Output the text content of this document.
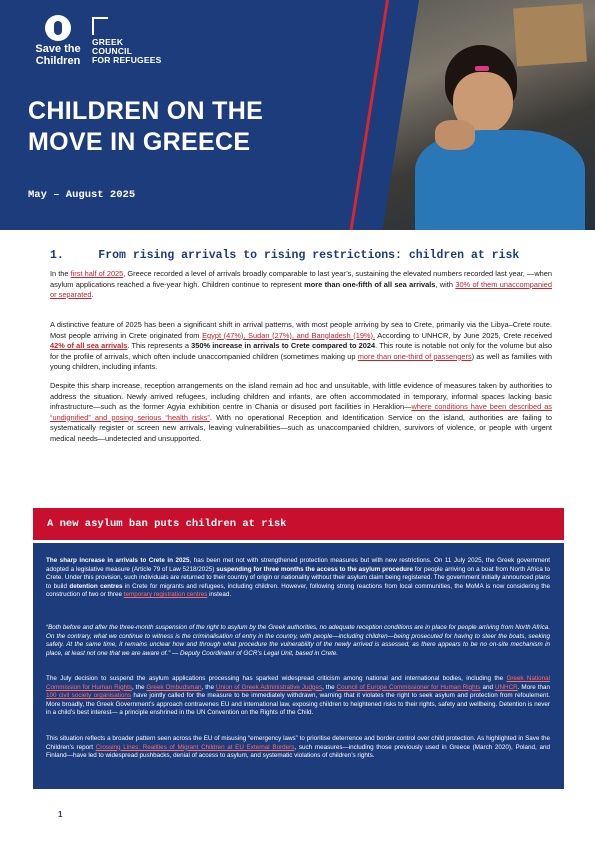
Save the
Children
GREEK
COUNCIL
FOR REFUGEES
CHILDREN ON THE
MOVE IN GREECE
May – August 2025
1.     From rising arrivals to rising restrictions: children at risk

In the first half of 2025, Greece recorded a level of arrivals broadly comparable to last year’s, sustaining the elevated numbers recorded last year, —when asylum applications reached a five-year high. Children continue to represent more than one-fifth of all sea arrivals, with 30% of them unaccompanied or separated.

A distinctive feature of 2025 has been a significant shift in arrival patterns, with most people arriving by sea to Crete, primarily via the Libya–Crete route. Most people arriving in Crete originated from Egypt (47%), Sudan (27%), and Bangladesh (19%). According to UNHCR, by June 2025, Crete received 42% of all sea arrivals. This represents a 350% increase in arrivals to Crete compared to 2024. This route is notable not only for the volume but also for the profile of arrivals, which often include unaccompanied children (sometimes making up more than one-third of passengers) as well as families with young children, including infants.

Despite this sharp increase, reception arrangements on the island remain ad hoc and unsuitable, with little evidence of measures taken by authorities to address the situation. Newly arrived refugees, including children and infants, are often accommodated in temporary, informal spaces lacking basic infrastructure—such as the former Agyia exhibition centre in Chania or disused port facilities in Heraklion—where conditions have been described as “undignified” and posing serious “health risks”. With no operational Reception and Identification Service on the island, authorities are failing to systematically register or screen new arrivals, leaving vulnerabilities—such as unaccompanied children, survivors of violence, or people with urgent medical needs—undetected and unsupported.

A new asylum ban puts children at risk

The sharp increase in arrivals to Crete in 2025, has been met not with strengthened protection measures but with new restrictions. On 11 July 2025, the Greek government adopted a legislative measure (Article 79 of Law 5218/2025) suspending for three months the access to the asylum procedure for people arriving on a boat from North Africa to Crete. Under this provision, such individuals are returned to their country of origin or nationality without their asylum claim being registered. The government initially announced plans to build detention centres in Crete for migrants and refugees, including children. However, following strong reactions from local communities, the MoMA is now considering the construction of two or three temporary registration centres instead.

“Both before and after the three-month suspension of the right to asylum by the Greek authorities, no adequate reception conditions are in place for people arriving from North Africa. On the contrary, what we continue to witness is the criminalisation of entry in the country, with people—including children—being prosecuted for having to steer the boats, seeking safety. At the same time, it remains unclear how and through what procedure the vulnerability of the newly arrived is assessed, as there appears to be no on-site mechanism in place, at least not one that we are aware of.” — Deputy Coordinator of GCR’s Legal Unit, based in Crete.

The July decision to suspend the asylum applications processing has sparked widespread criticism among national and international bodies, including the Greek National Commission for Human Rights, the Greek Ombudsman, the Union of Greek Administrative Judges, the Council of Europe Commissioner for Human Rights and UNHCR. More than 100 civil society organisations have jointly called for the measure to be immediately withdrawn, warning that it violates the right to seek asylum and protection from refoulement. More broadly, the Greek Government’s approach contravenes EU and international law, exposing children to heightened risks to their rights, safety and wellbeing. Detention is never in a child’s best interest— a principle enshrined in the UN Convention on the Rights of the Child.

This situation reflects a broader pattern seen across the EU of misusing “emergency laws” to prioritise deterrence and border control over child protection. As highlighted in Save the Children’s report Crossing Lines: Realities of Migrant Children at EU External Borders, such measures—including those previously used in Greece (March 2020), Poland, and Finland—have led to widespread pushbacks, denial of access to asylum, and systematic violations of children’s rights.

1
